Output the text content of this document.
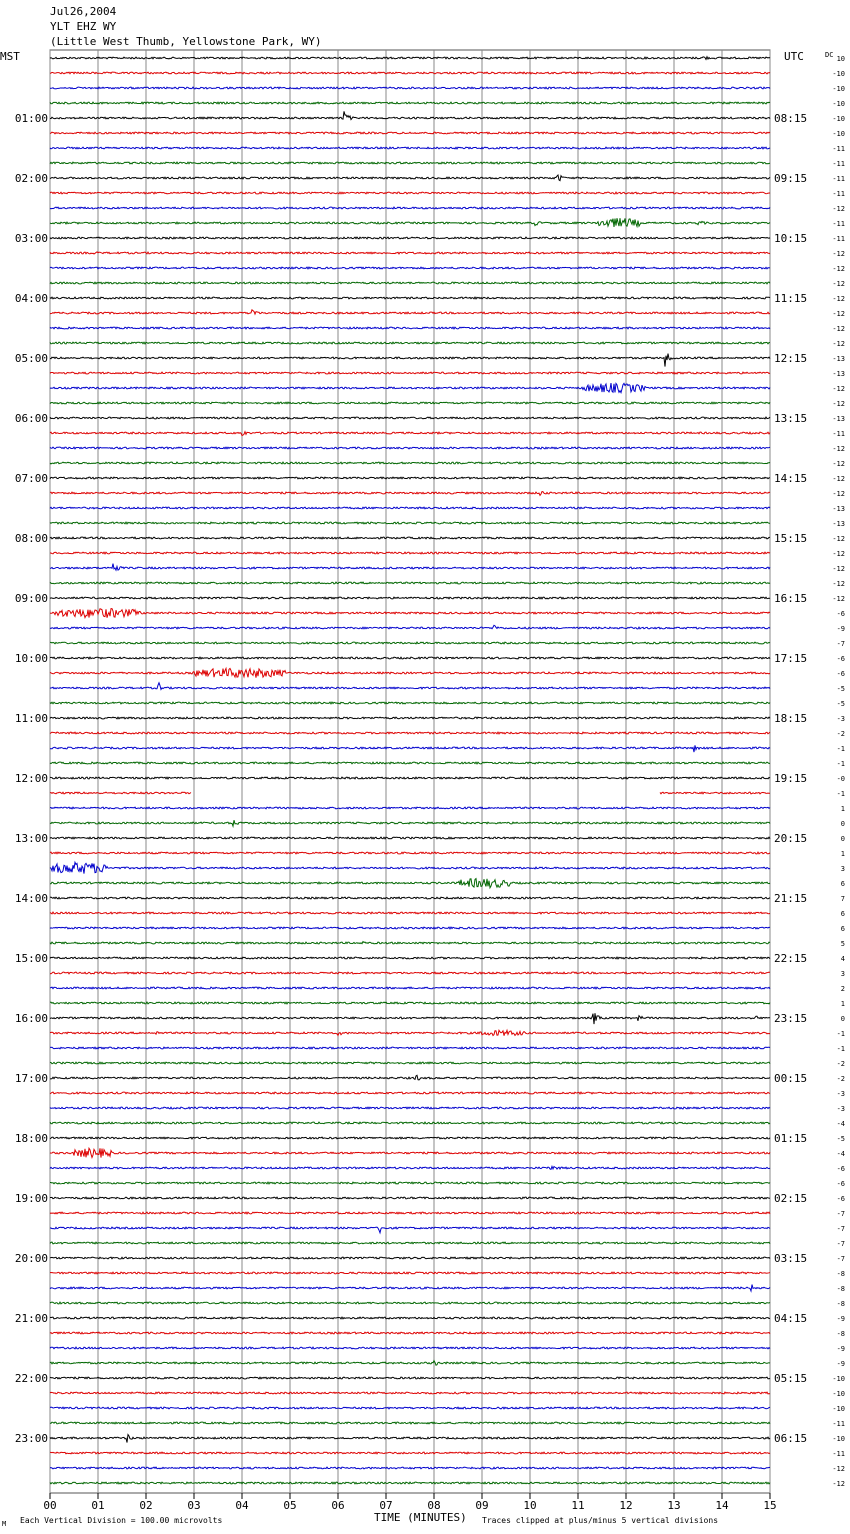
Jul26,2004
YLT EHZ WY
(Little West Thumb, Yellowstone Park, WY)
00	01	02	03	04	05	06	07	08	09	10	11	12	13	14	15
10
-10
-10
-10
-10
-10
-11
-11
-11
-11
-12
-11
-11
-12
-12
-12
-12
-12
-12
-12
-13
-13
-12
-12
-13
-11
-12
-12
-12
-12
-13
-13
-12
-12
-12
-12
-12
-6
-9
-7
-6
-6
-5
-5
-3
-2
-1
-1
-0
-1
1
0
0
1
3
6
7
6
6
5
4
3
2
1
0
-1
-1
-2
-2
-3
-3
-4
-5
-4
-6
-6
-6
-7
-7
-7
-7
-8
-8
-8
-9
-8
-9
-9
-10
-10
-10
-11
-10
-11
-12
-12
01:00
02:00
03:00
04:00
05:00
06:00
07:00
08:00
09:00
10:00
11:00
12:00
13:00
14:00
15:00
16:00
17:00
18:00
19:00
20:00
21:00
22:00
23:00
08:15
09:15
10:15
11:15
12:15
13:15
14:15
15:15
16:15
17:15
18:15
19:15
20:15
21:15
22:15
23:15
00:15
01:15
02:15
03:15
04:15
05:15
06:15
MST	UTC	DC
TIME (MINUTES)
Each Vertical Division = 100.00 microvolts	Traces clipped at plus/minus 5 vertical divisions
M
